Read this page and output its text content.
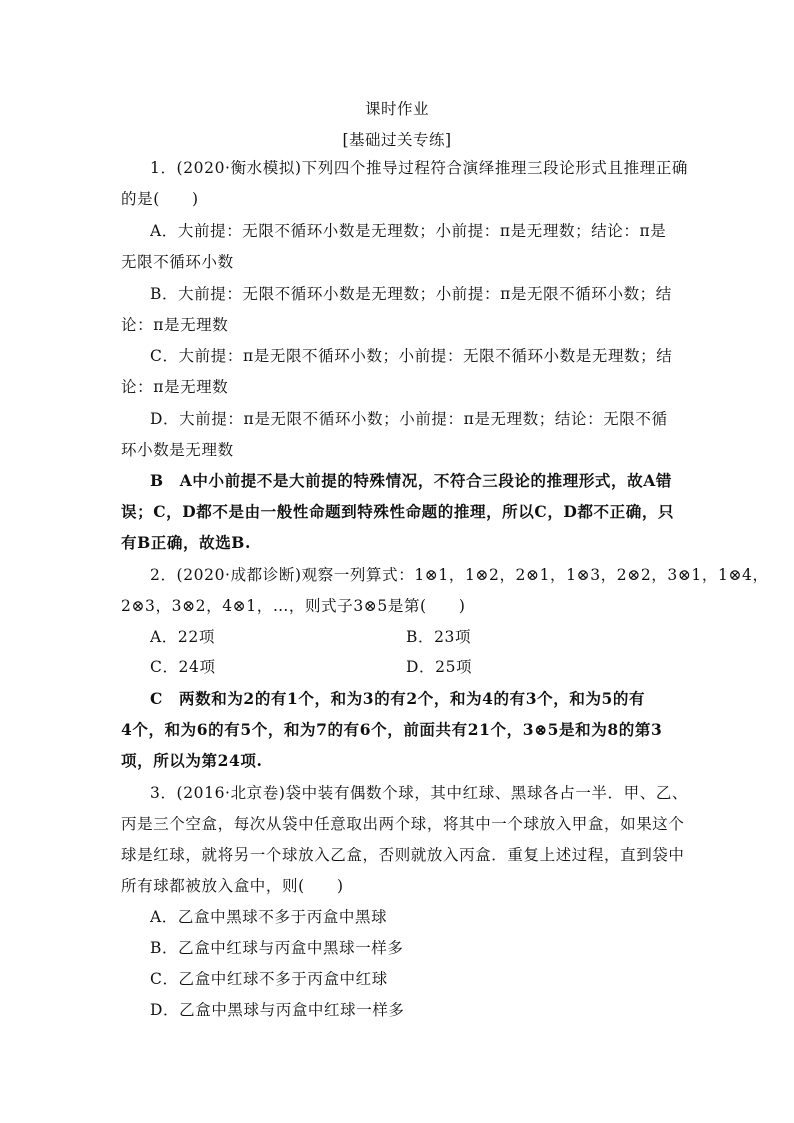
课时作业
[基础过关专练]
1．(2020·衡水模拟)下列四个推导过程符合演绎推理三段论形式且推理正确
的是(　　)
A．大前提：无限不循环小数是无理数；小前提：π是无理数；结论：π是
无限不循环小数
B．大前提：无限不循环小数是无理数；小前提：π是无限不循环小数；结
论：π是无理数
C．大前提：π是无限不循环小数；小前提：无限不循环小数是无理数；结
论：π是无理数
D．大前提：π是无限不循环小数；小前提：π是无理数；结论：无限不循
环小数是无理数
B　A中小前提不是大前提的特殊情况，不符合三段论的推理形式，故A错
误；C，D都不是由一般性命题到特殊性命题的推理，所以C，D都不正确，只
有B正确，故选B.
2．(2020·成都诊断)观察一列算式：1⊗1，1⊗2，2⊗1，1⊗3，2⊗2，3⊗1，1⊗4，
2⊗3，3⊗2，4⊗1，…，则式子3⊗5是第(　　)
A．22项	B．23项
C．24项	D．25项
C　两数和为2的有1个，和为3的有2个，和为4的有3个，和为5的有
4个，和为6的有5个，和为7的有6个，前面共有21个，3⊗5是和为8的第3
项，所以为第24项.
3．(2016·北京卷)袋中装有偶数个球，其中红球、黑球各占一半．甲、乙、
丙是三个空盒，每次从袋中任意取出两个球，将其中一个球放入甲盒，如果这个
球是红球，就将另一个球放入乙盒，否则就放入丙盒．重复上述过程，直到袋中
所有球都被放入盒中，则(　　)
A．乙盒中黑球不多于丙盒中黑球
B．乙盒中红球与丙盒中黑球一样多
C．乙盒中红球不多于丙盒中红球
D．乙盒中黑球与丙盒中红球一样多
